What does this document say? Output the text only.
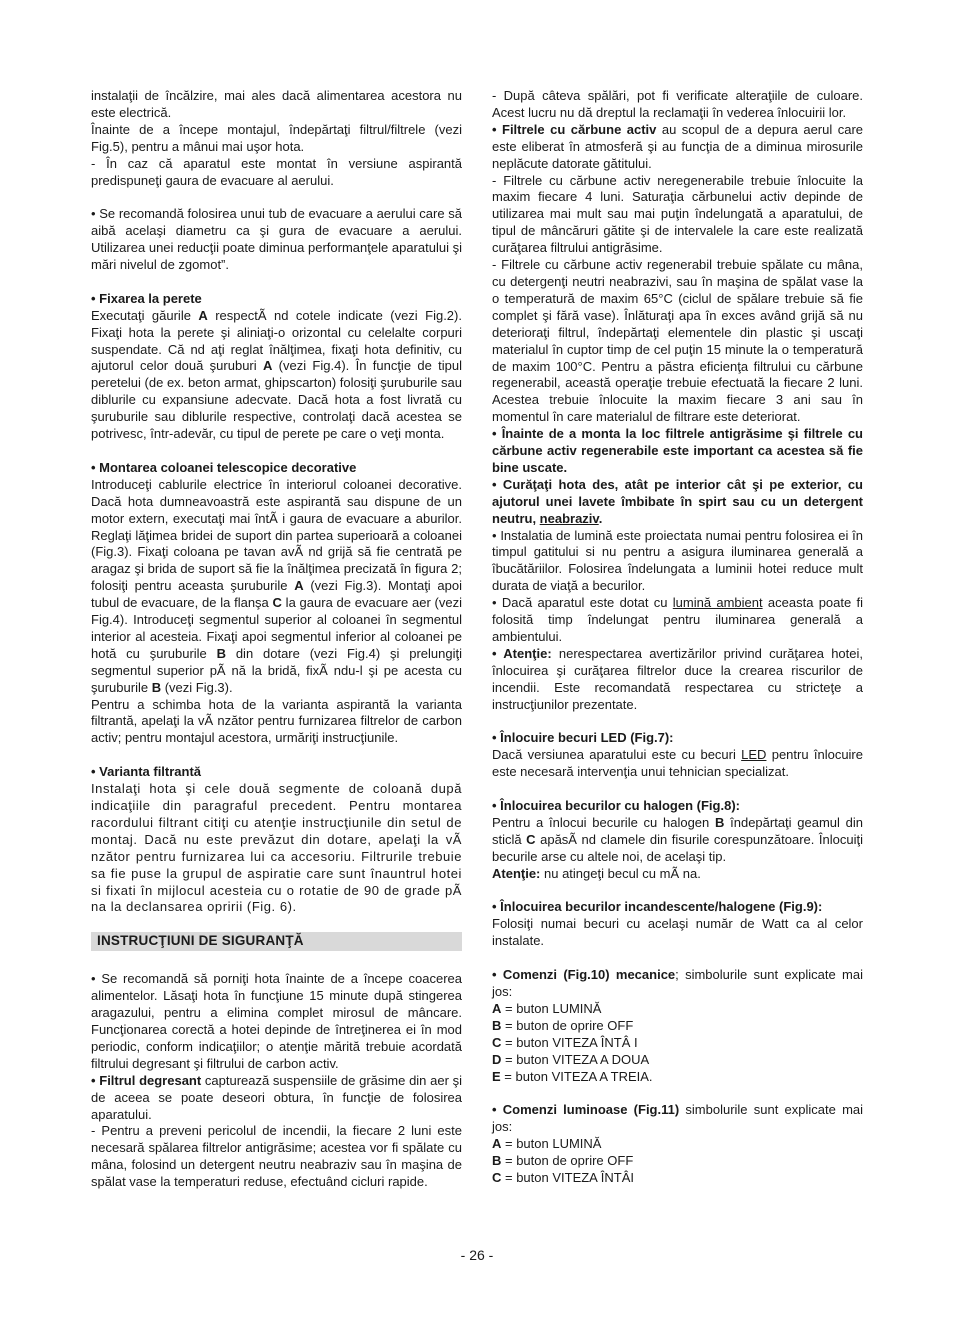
instalaţii de încălzire, mai ales dacă alimentarea acestora nu este electrică.

Înainte de a începe montajul, îndepărtaţi filtrul/filtrele (vezi Fig.5), pentru a mânui mai uşor hota.

- În caz că aparatul este montat în versiune aspirantă predispuneţi gaura de evacuare al aerului.

• Se recomandă folosirea unui tub de evacuare a aerului care să aibă acelaşi diametru ca şi gura de evacuare a aerului. Utilizarea unei reducţii poate diminua performanţele aparatului şi mări nivelul de zgomot”.

• Fixarea la perete

Executaţi găurile A respectÃ nd cotele indicate (vezi Fig.2). Fixaţi hota la perete şi aliniaţi-o orizontal cu celelalte corpuri suspendate. Că nd aţi reglat înălţimea, fixaţi hota definitiv, cu ajutorul celor două şuruburi A (vezi Fig.4). În funcţie de tipul peretelui (de ex. beton armat, ghipscarton) folosiţi şuruburile sau diblurile cu expansiune adecvate. Dacă hota a fost livrată cu şuruburile sau diblurile respective, controlaţi dacă acestea se potrivesc, într-adevăr, cu tipul de perete pe care o veţi monta.

• Montarea coloanei telescopice decorative

Introduceţi cablurile electrice în interiorul coloanei decorative. Dacă hota dumneavoastră este aspirantă sau dispune de un motor extern, executaţi mai întÃ i gaura de evacuare a aburilor. Reglaţi lăţimea bridei de suport din partea superioară a coloanei (Fig.3). Fixaţi coloana pe tavan avÃ nd grijă să fie centrată pe aragaz şi brida de suport să fie la înălţimea precizată în figura 2; folosiţi pentru aceasta şuruburile A (vezi Fig.3). Montaţi apoi tubul de evacuare, de la flanşa C la gaura de evacuare aer (vezi Fig.4). Introduceţi segmentul superior al coloanei în segmentul interior al acesteia. Fixaţi apoi segmentul inferior al coloanei pe hotă cu şuruburile B din dotare (vezi Fig.4) şi prelungiţi segmentul superior pÃ nă la bridă, fixÃ ndu-l şi pe acesta cu şuruburile B (vezi Fig.3).

Pentru a schimba hota de la varianta aspirantă la varianta filtrantă, apelaţi la vÃ nzător pentru furnizarea filtrelor de carbon activ; pentru montajul acestora, urmăriţi instrucţiunile.

• Varianta filtrantă

Instalaţi hota şi cele două segmente de coloană după indicaţiile din paragraful precedent. Pentru montarea racordului filtrant citiţi cu atenţie instrucţiunile din setul de montaj. Dacă nu este prevăzut din dotare, apelaţi la vÃ nzător pentru furnizarea lui ca accesoriu. Filtrurile trebuie sa fie puse la grupul de aspiratie care sunt înauntrul hotei si fixati în mijlocul acesteia cu o rotatie de 90 de grade pÃ na la declansarea opririi (Fig. 6).

INSTRUCŢIUNI DE SIGURANŢĂ

• Se recomandă să porniţi hota înainte de a începe coacerea alimentelor. Lăsaţi hota în funcţiune 15 minute după stingerea aragazului, pentru a elimina complet mirosul de mâncare. Funcţionarea corectă a hotei depinde de întreţinerea ei în mod periodic, conform indicaţiilor; o atenţie mărită trebuie acordată filtrului degresant şi filtrului de carbon activ.

• Filtrul degresant capturează suspensiile de grăsime din aer şi de aceea se poate deseori obtura, în funcţie de folosirea aparatului.

- Pentru a preveni pericolul de incendii, la fiecare 2 luni este necesară spălarea filtrelor antigrăsime; acestea vor fi spălate cu mâna, folosind un detergent neutru neabraziv sau în maşina de spălat vase la temperaturi reduse, efectuând cicluri rapide.

- După câteva spălări, pot fi verificate alteraţiile de culoare. Acest lucru nu dă dreptul la reclamaţii în vederea înlocuirii lor.

• Filtrele cu cărbune activ au scopul de a depura aerul care este eliberat în atmosferă şi au funcţia de a diminua mirosurile neplăcute datorate gătitului.

- Filtrele cu cărbune activ neregenerabile trebuie înlocuite la maxim fiecare 4 luni. Saturaţia cărbunelui activ depinde de utilizarea mai mult sau mai puţin îndelungată a aparatului, de tipul de mâncăruri gătite şi de intervalele la care este realizată curăţarea filtrului antigrăsime.

- Filtrele cu cărbune activ regenerabil trebuie spălate cu mâna, cu detergenţi neutri neabrazivi, sau în maşina de spălat vase la o temperatură de maxim 65°C (ciclul de spălare trebuie să fie complet şi fără vase). Înlăturaţi apa în exces având grijă să nu deterioraţi filtrul, îndepărtaţi elementele din plastic şi uscaţi materialul în cuptor timp de cel puţin 15 minute la o temperatură de maxim 100°C. Pentru a păstra eficienţa filtrului cu cărbune regenerabil, această operaţie trebuie efectuată la fiecare 2 luni. Acestea trebuie înlocuite la maxim fiecare 3 ani sau în momentul în care materialul de filtrare este deteriorat.

• Înainte de a monta la loc filtrele antigrăsime şi filtrele cu cărbune activ regenerabile este important ca acestea să fie bine uscate.

• Curăţaţi hota des, atât pe interior cât şi pe exterior, cu ajutorul unei lavete îmbibate în spirt sau cu un detergent neutru, neabraziv.

• Instalatia de lumină este proiectata numai pentru folosirea ei în timpul gatitului si nu pentru a asigura iluminarea generală a îbucătăriilor. Folosirea îndelungata a luminii hotei reduce mult durata de viaţă a becurilor.

• Dacă aparatul este dotat cu lumină ambient aceasta poate fi folosită timp îndelungat pentru iluminarea generală a ambientului.

• Atenţie: nerespectarea avertizărilor privind curăţarea hotei, înlocuirea şi curăţarea filtrelor duce la crearea riscurilor de incendii. Este recomandată respectarea cu stricteţe a instrucţiunilor prezentate.

• Înlocuire becuri LED (Fig.7):

Dacă versiunea aparatului este cu becuri LED pentru înlocuire este necesară intervenţia unui tehnician specializat.

• Înlocuirea becurilor cu halogen (Fig.8):

Pentru a înlocui becurile cu halogen B îndepărtaţi geamul din sticlă C apăsÃ nd clamele din fisurile corespunzătoare. Înlocuiţi becurile arse cu altele noi, de acelaşi tip.

Atenţie: nu atingeţi becul cu mÃ na.

• Înlocuirea becurilor incandescente/halogene (Fig.9):

Folosiţi numai becuri cu acelaşi număr de Watt ca al celor instalate.

• Comenzi (Fig.10) mecanice; simbolurile sunt explicate mai jos:

A = buton LUMINĂ

B = buton de oprire OFF

C = buton VITEZA ÎNTÂ I

D = buton VITEZA A DOUA

E = buton VITEZA A TREIA.

• Comenzi luminoase (Fig.11) simbolurile sunt explicate mai jos:

A = buton LUMINĂ

B = buton de oprire OFF

C = buton VITEZA ÎNTÂI

- 26 -
